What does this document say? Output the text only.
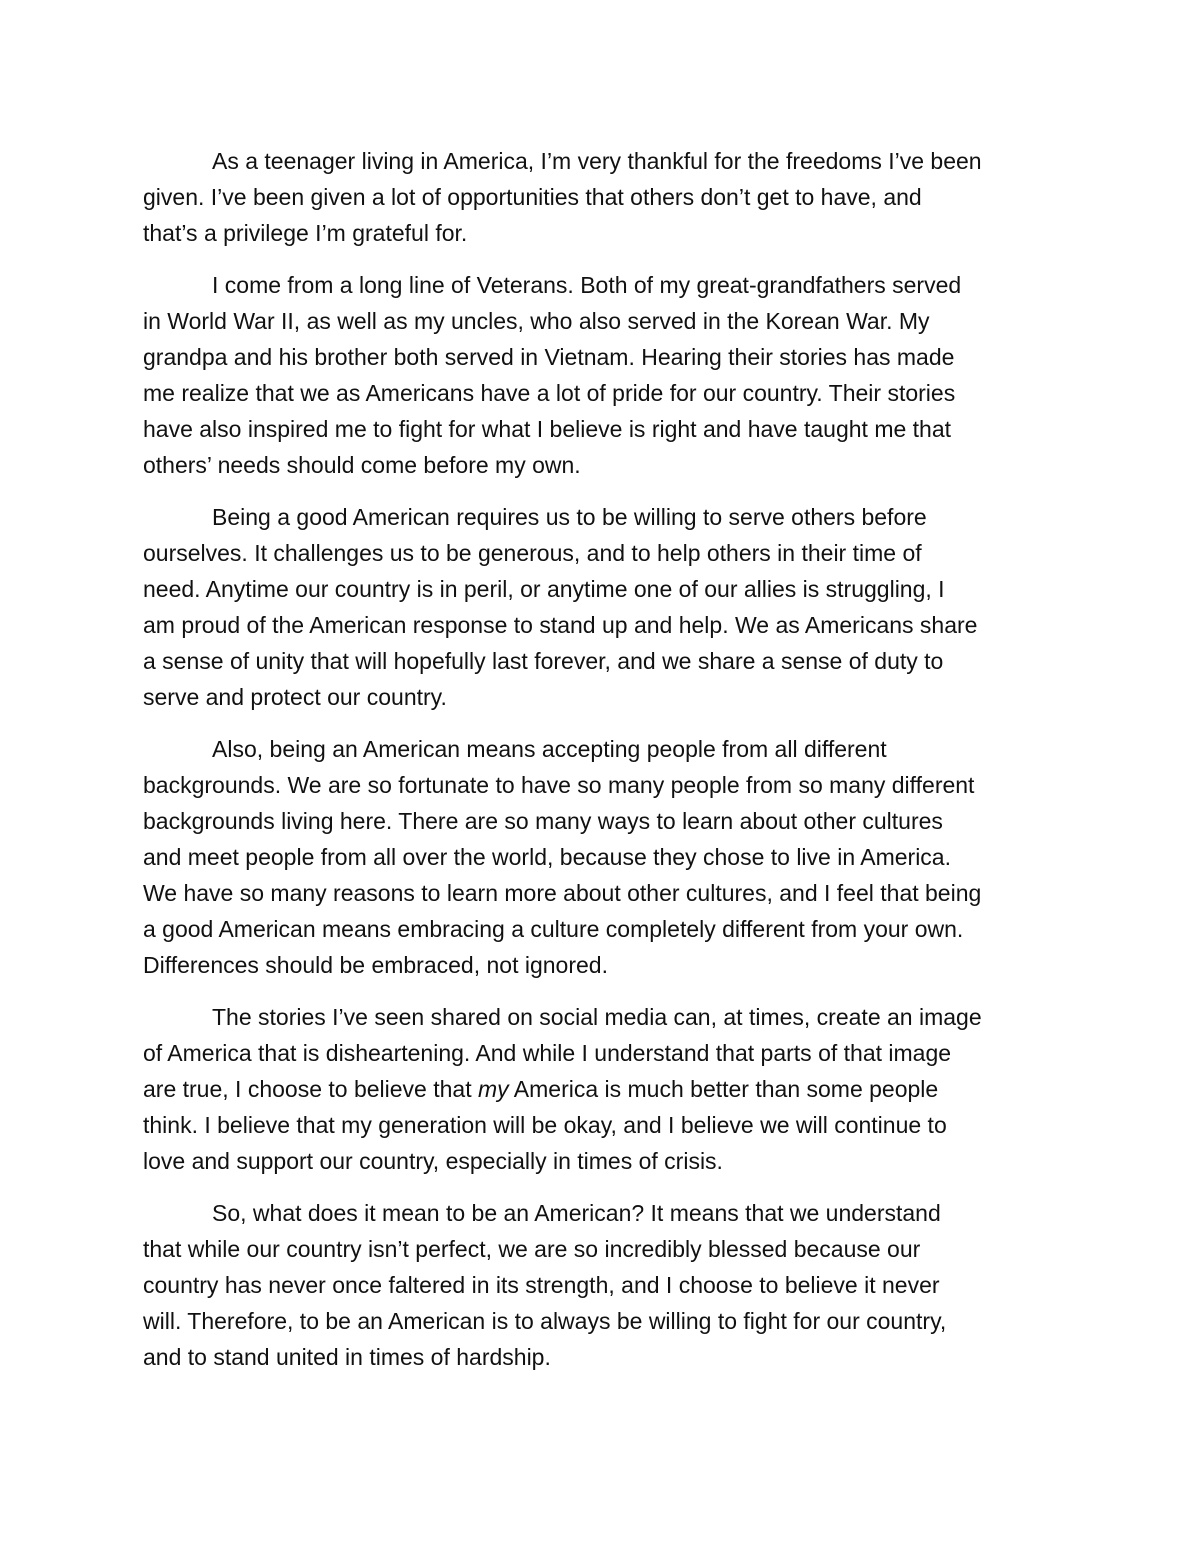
As a teenager living in America, I’m very thankful for the freedoms I’ve been
given. I’ve been given a lot of opportunities that others don’t get to have, and
that’s a privilege I’m grateful for.

I come from a long line of Veterans. Both of my great-grandfathers served
in World War II, as well as my uncles, who also served in the Korean War. My
grandpa and his brother both served in Vietnam. Hearing their stories has made
me realize that we as Americans have a lot of pride for our country. Their stories
have also inspired me to fight for what I believe is right and have taught me that
others’ needs should come before my own.

Being a good American requires us to be willing to serve others before
ourselves. It challenges us to be generous, and to help others in their time of
need. Anytime our country is in peril, or anytime one of our allies is struggling, I
am proud of the American response to stand up and help. We as Americans share
a sense of unity that will hopefully last forever, and we share a sense of duty to
serve and protect our country.

Also, being an American means accepting people from all different
backgrounds. We are so fortunate to have so many people from so many different
backgrounds living here. There are so many ways to learn about other cultures
and meet people from all over the world, because they chose to live in America.
We have so many reasons to learn more about other cultures, and I feel that being
a good American means embracing a culture completely different from your own.
Differences should be embraced, not ignored.

The stories I’ve seen shared on social media can, at times, create an image
of America that is disheartening. And while I understand that parts of that image
are true, I choose to believe that my America is much better than some people
think. I believe that my generation will be okay, and I believe we will continue to
love and support our country, especially in times of crisis.

So, what does it mean to be an American? It means that we understand
that while our country isn’t perfect, we are so incredibly blessed because our
country has never once faltered in its strength, and I choose to believe it never
will. Therefore, to be an American is to always be willing to fight for our country,
and to stand united in times of hardship.
